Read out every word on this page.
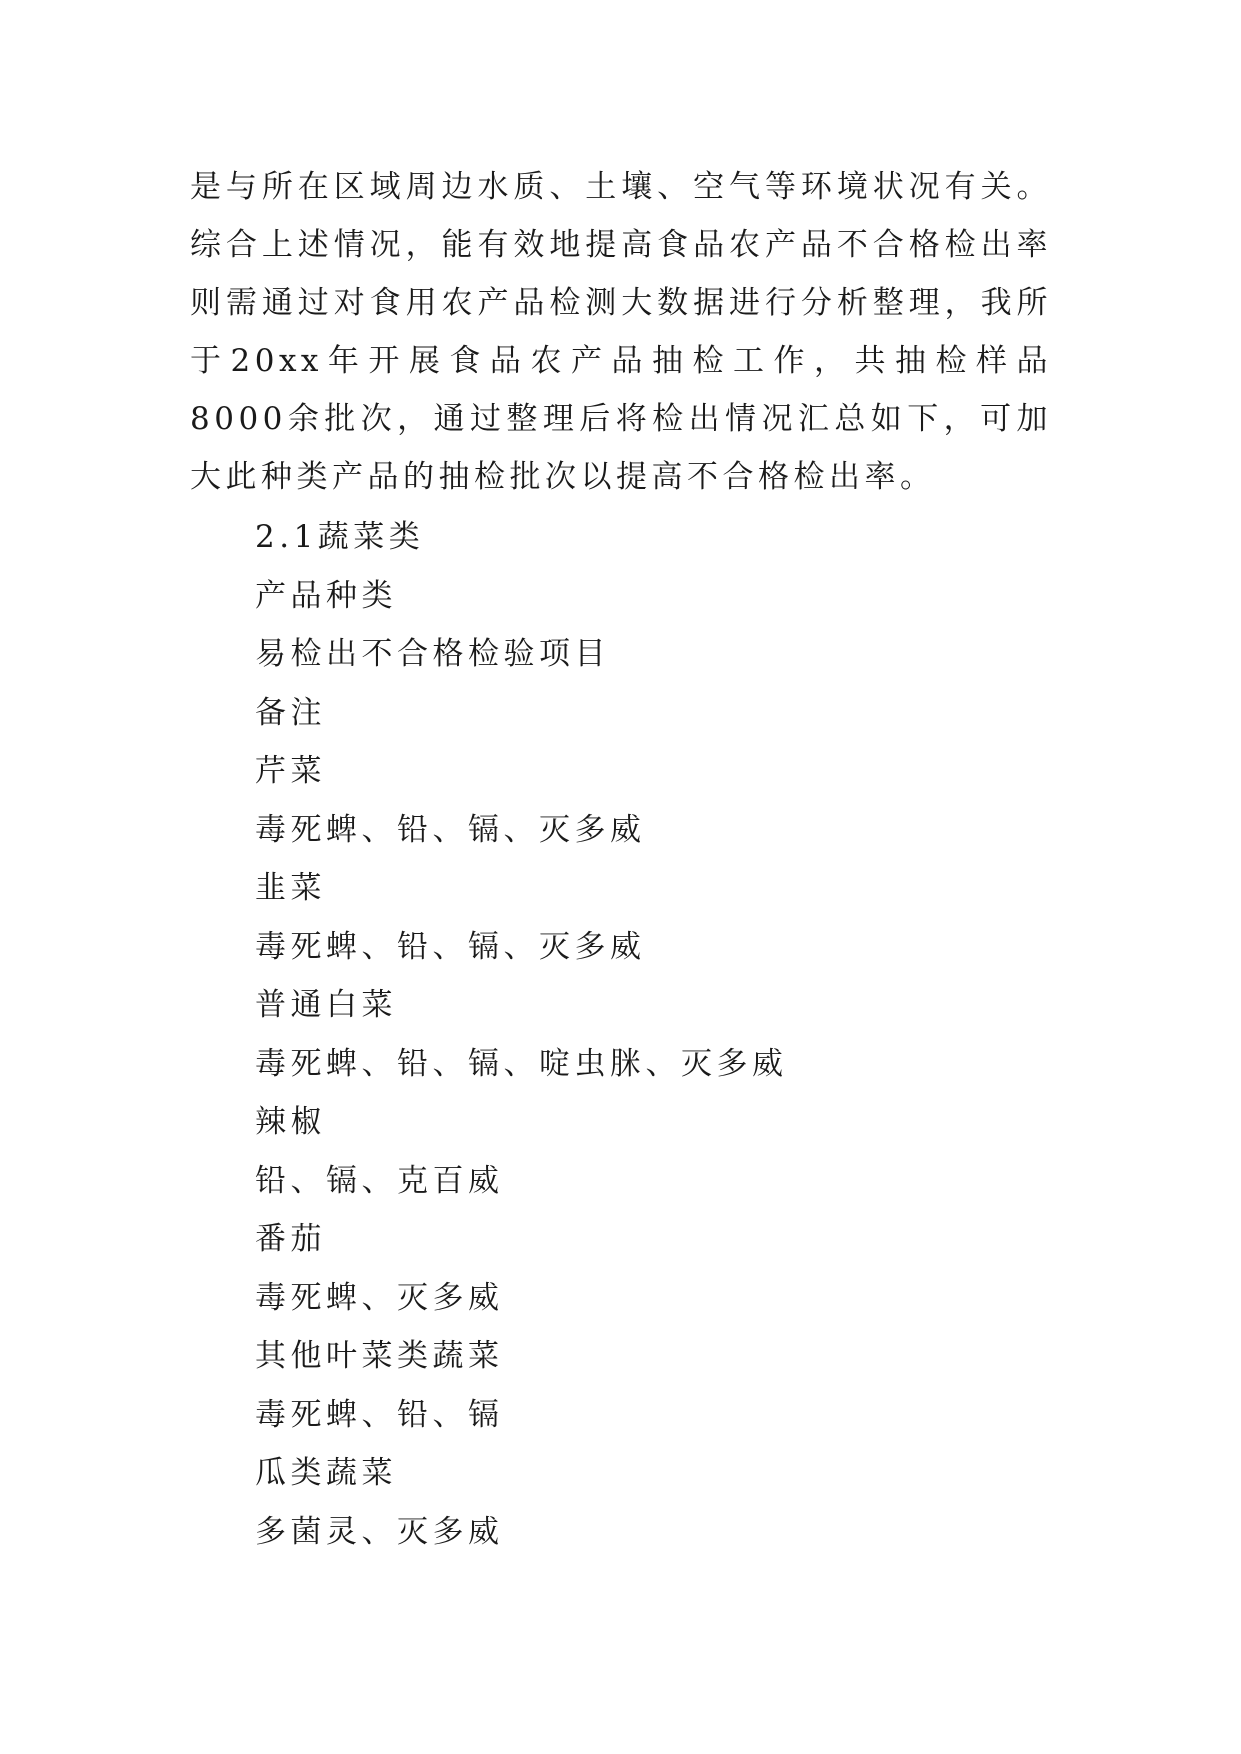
是与所在区域周边水质、土壤、空气等环境状况有关。综合上述情况，能有效地提高食品农产品不合格检出率则需通过对食用农产品检测大数据进行分析整理，我所于20xx年开展食品农产品抽检工作，共抽检样品8000余批次，通过整理后将检出情况汇总如下，可加大此种类产品的抽检批次以提高不合格检出率。

2.1蔬菜类
产品种类
易检出不合格检验项目
备注
芹菜
毒死蜱、铅、镉、灭多威
韭菜
毒死蜱、铅、镉、灭多威
普通白菜
毒死蜱、铅、镉、啶虫脒、灭多威
辣椒
铅、镉、克百威
番茄
毒死蜱、灭多威
其他叶菜类蔬菜
毒死蜱、铅、镉
瓜类蔬菜
多菌灵、灭多威
